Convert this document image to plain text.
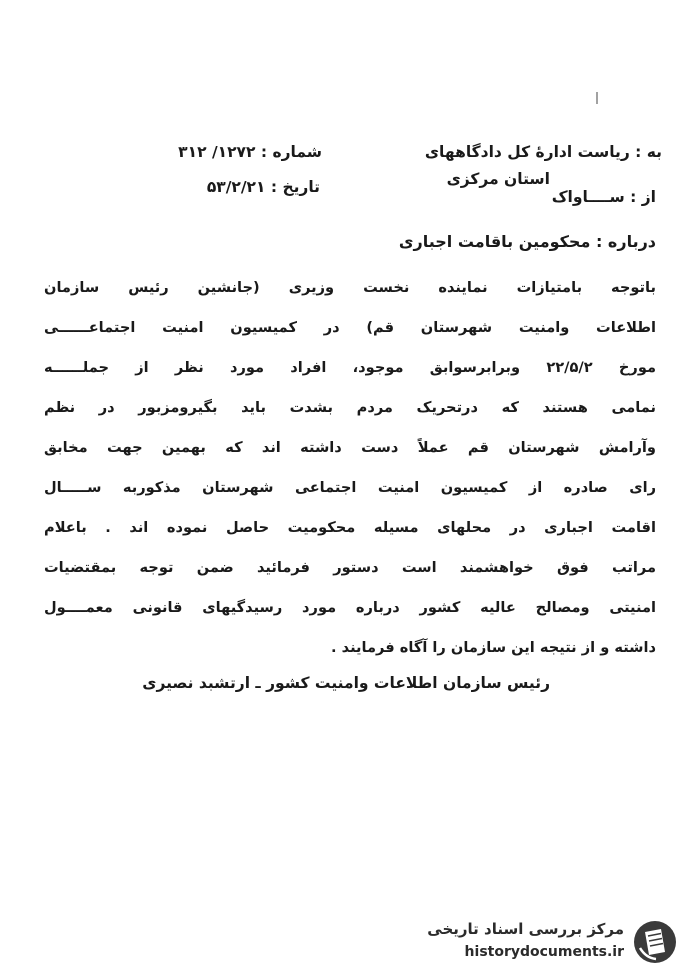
به : ریاست ادارهٔ کل دادگاههای
شماره : ۱۲۷۲/ ۳۱۲
استان مرکزی
از : ســــاواک
تاریخ : ۵۳/۲/۲۱
درباره : محکومین باقامت اجباری
باتوجه بامتیازات نماینده نخست وزیری (جانشین رئیس سازمان
اطلاعات وامنیت شهرستان قم) در کمیسیون امنیت اجتماعــــــی
مورخ ۲۲/۵/۲ وبرابرسوابق موجود، افراد مورد نظر از جملــــــه
نمامی هستند که درتحریک مردم بشدت باید بگیرومزبور در نظم
وآرامش شهرستان قم عملاً دست داشته اند که بهمین جهت مخابق
رای صادره از کمیسیون امنیت اجتماعی شهرستان مذکوربه ســـــال
اقامت اجباری در محلهای مسیله محکومیت حاصل نموده اند . باعلام
مراتب فوق خواهشمند است دستور فرمائید ضمن توجه بمقتضیات
امنیتی ومصالح عالیه کشور درباره مورد رسیدگیهای قانونی معمــــول
داشته و از نتیجه این سازمان را آگاه فرمایند .
رئیس سازمان اطلاعات وامنیت کشور ـ ارتشبد نصیری
مرکز بررسی اسناد تاریخی
historydocuments.ir
